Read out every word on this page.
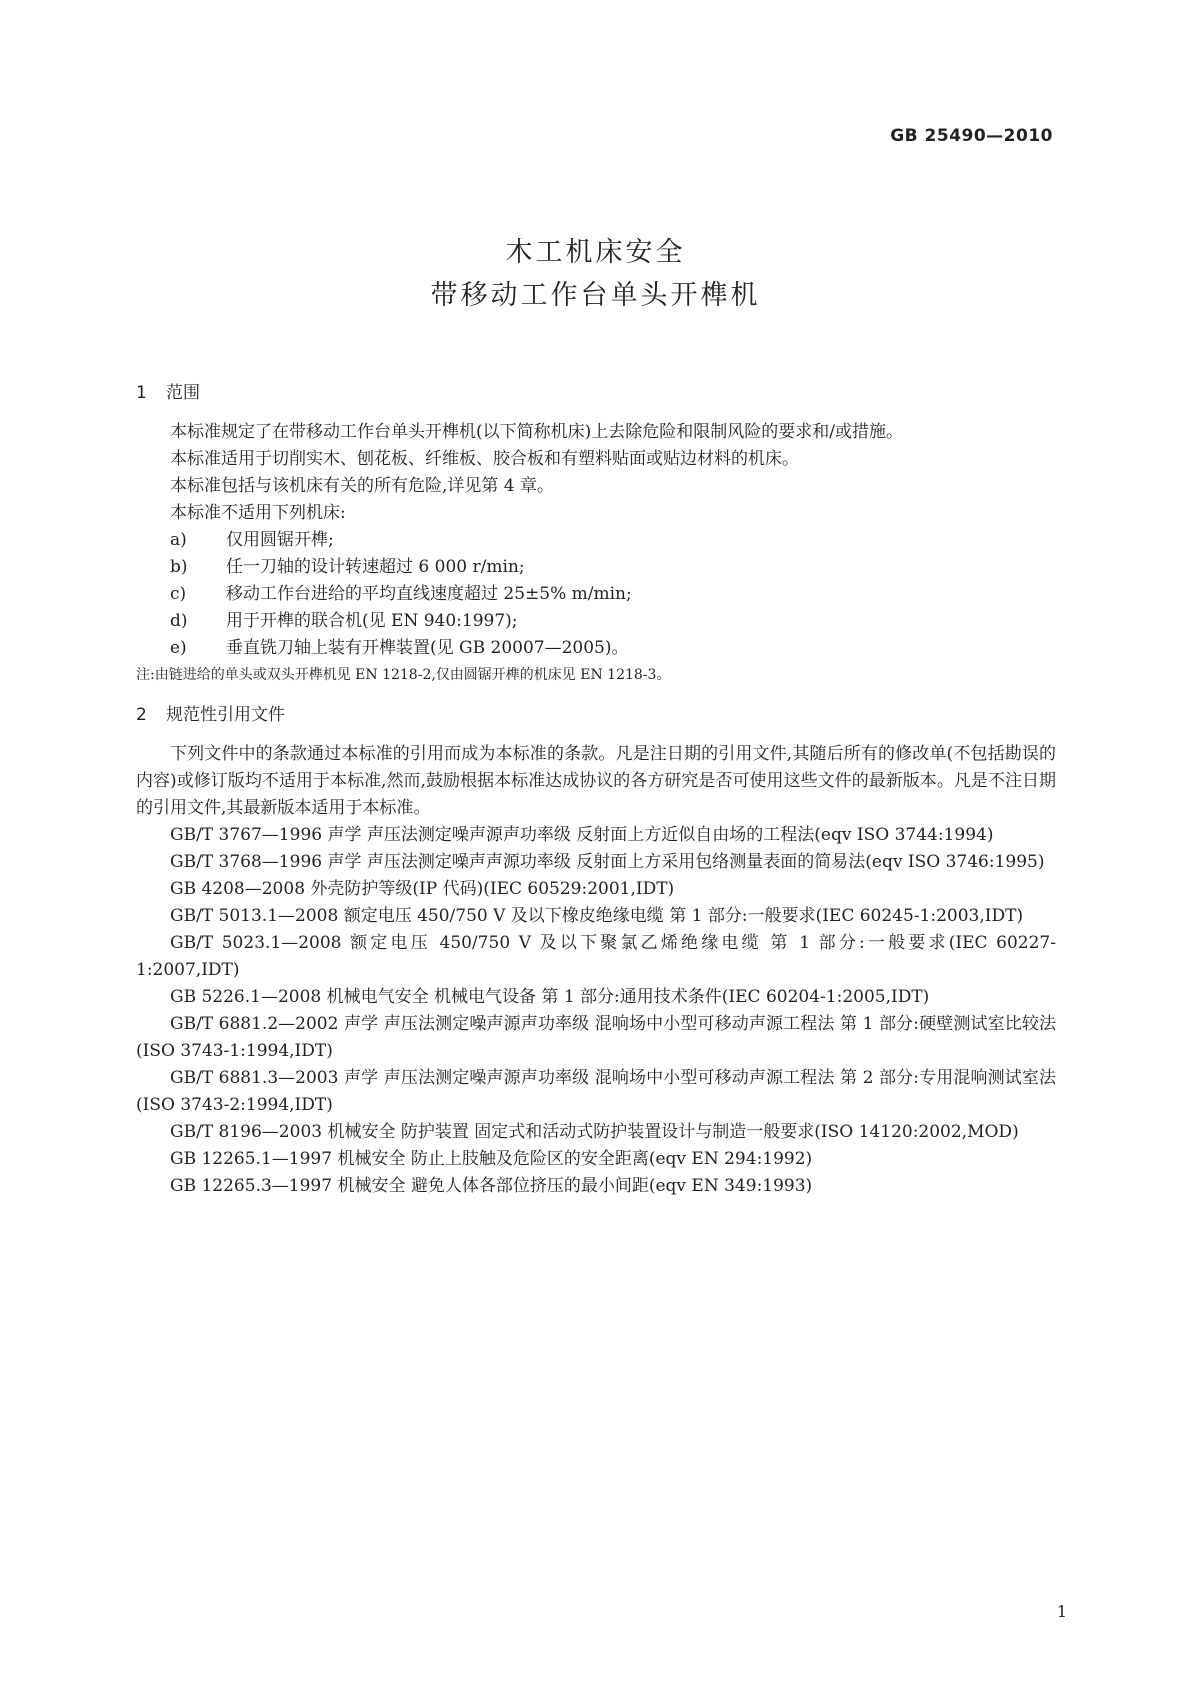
GB 25490—2010
木工机床安全
带移动工作台单头开榫机
1 范围

本标准规定了在带移动工作台单头开榫机(以下简称机床)上去除危险和限制风险的要求和/或措施。

本标准适用于切削实木、刨花板、纤维板、胶合板和有塑料贴面或贴边材料的机床。

本标准包括与该机床有关的所有危险,详见第 4 章。

本标准不适用下列机床:

a) 仅用圆锯开榫;
b) 任一刀轴的设计转速超过 6 000 r/min;
c) 移动工作台进给的平均直线速度超过 25±5% m/min;
d) 用于开榫的联合机(见 EN 940:1997);
e) 垂直铣刀轴上装有开榫装置(见 GB 20007—2005)。

注:由链进给的单头或双头开榫机见 EN 1218-2,仅由圆锯开榫的机床见 EN 1218-3。

2 规范性引用文件

下列文件中的条款通过本标准的引用而成为本标准的条款。凡是注日期的引用文件,其随后所有的修改单(不包括勘误的内容)或修订版均不适用于本标准,然而,鼓励根据本标准达成协议的各方研究是否可使用这些文件的最新版本。凡是不注日期的引用文件,其最新版本适用于本标准。

GB/T 3767—1996 声学 声压法测定噪声源声功率级 反射面上方近似自由场的工程法(eqv ISO 3744:1994)

GB/T 3768—1996 声学 声压法测定噪声声源功率级 反射面上方采用包络测量表面的简易法(eqv ISO 3746:1995)

GB 4208—2008 外壳防护等级(IP 代码)(IEC 60529:2001,IDT)

GB/T 5013.1—2008 额定电压 450/750 V 及以下橡皮绝缘电缆 第 1 部分:一般要求(IEC 60245-1:2003,IDT)

GB/T 5023.1—2008 额定电压 450/750 V 及以下聚氯乙烯绝缘电缆 第 1 部分:一般要求(IEC 60227-1:2007,IDT)

GB 5226.1—2008 机械电气安全 机械电气设备 第 1 部分:通用技术条件(IEC 60204-1:2005,IDT)

GB/T 6881.2—2002 声学 声压法测定噪声源声功率级 混响场中小型可移动声源工程法 第 1 部分:硬壁测试室比较法(ISO 3743-1:1994,IDT)

GB/T 6881.3—2003 声学 声压法测定噪声源声功率级 混响场中小型可移动声源工程法 第 2 部分:专用混响测试室法(ISO 3743-2:1994,IDT)

GB/T 8196—2003 机械安全 防护装置 固定式和活动式防护装置设计与制造一般要求(ISO 14120:2002,MOD)

GB 12265.1—1997 机械安全 防止上肢触及危险区的安全距离(eqv EN 294:1992)

GB 12265.3—1997 机械安全 避免人体各部位挤压的最小间距(eqv EN 349:1993)

1
